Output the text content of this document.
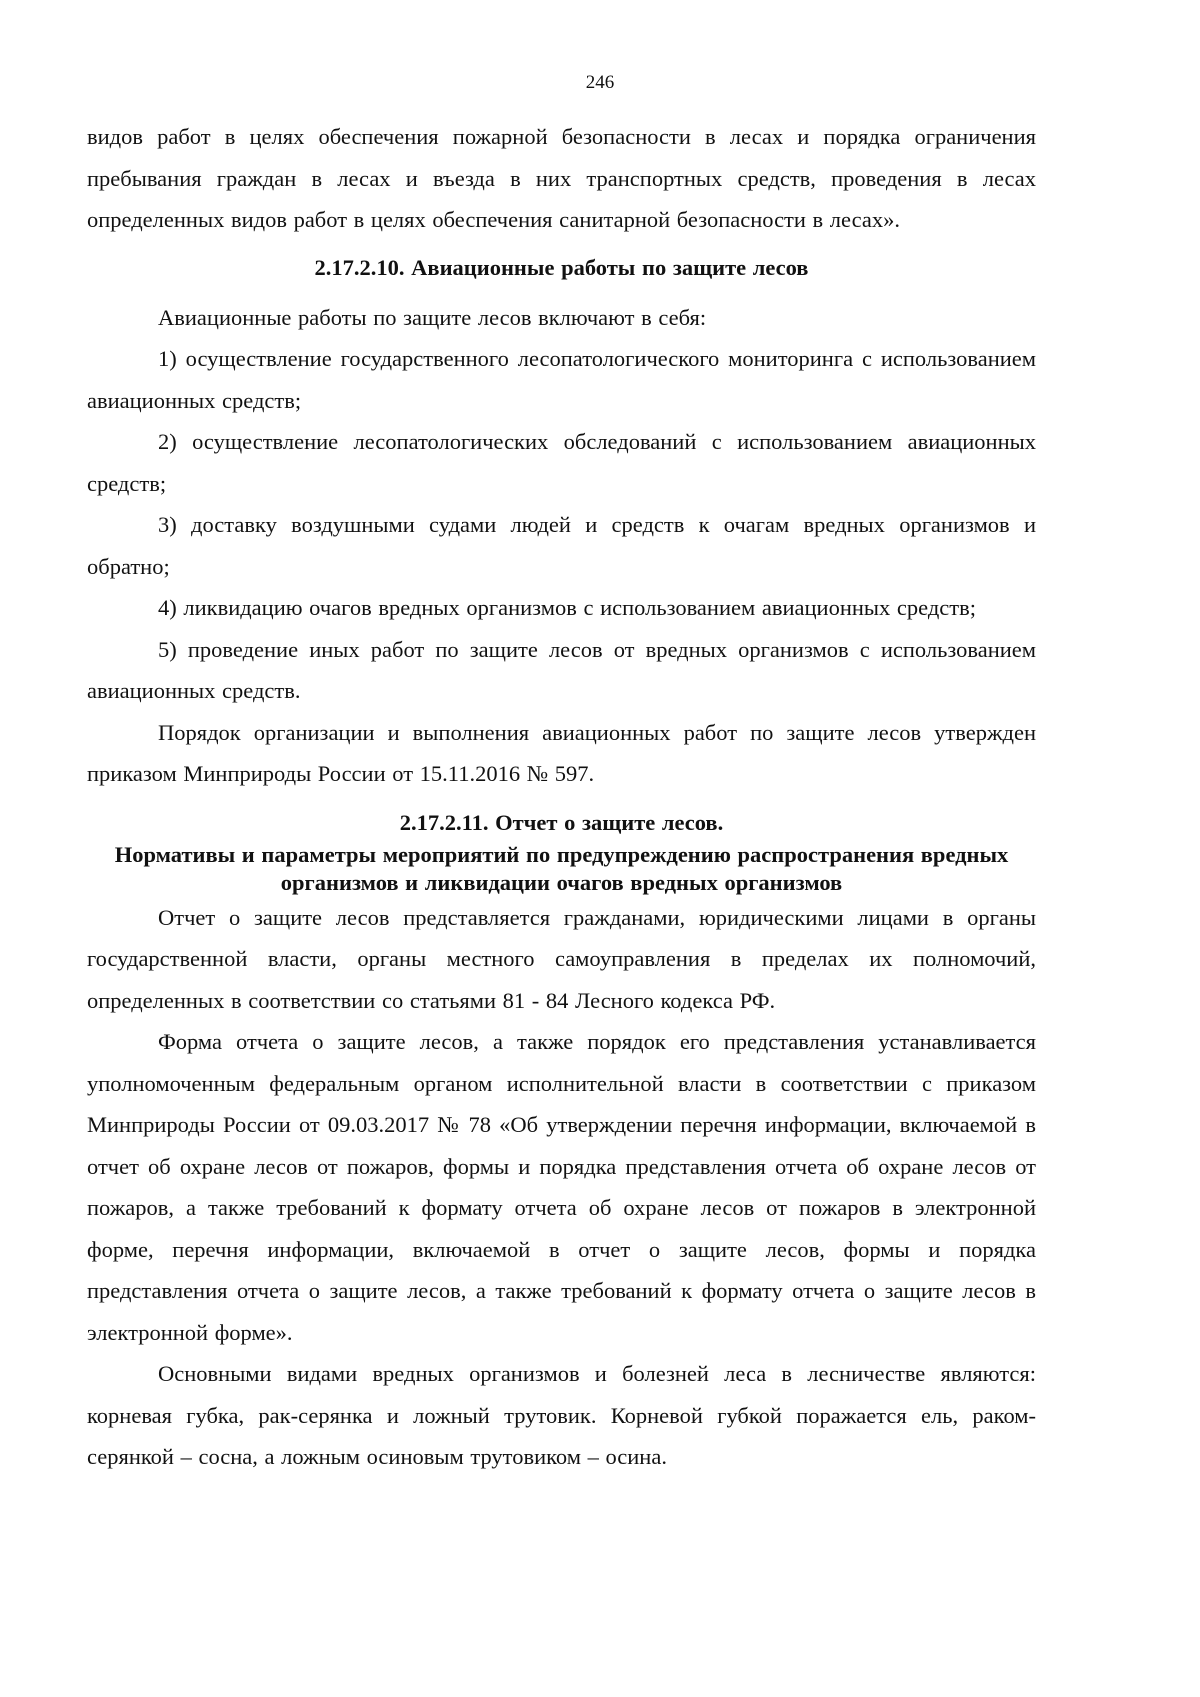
246

видов работ в целях обеспечения пожарной безопасности в лесах и порядка ограничения пребывания граждан в лесах и въезда в них транспортных средств, проведения в лесах определенных видов работ в целях обеспечения санитарной безопасности в лесах».

2.17.2.10. Авиационные работы по защите лесов

Авиационные работы по защите лесов включают в себя:

1) осуществление государственного лесопатологического мониторинга с использованием авиационных средств;

2) осуществление лесопатологических обследований с использованием авиационных средств;

3) доставку воздушными судами людей и средств к очагам вредных организмов и обратно;

4) ликвидацию очагов вредных организмов с использованием авиационных средств;

5) проведение иных работ по защите лесов от вредных организмов с использованием авиационных средств.

Порядок организации и выполнения авиационных работ по защите лесов утвержден приказом Минприроды России от 15.11.2016 № 597.

2.17.2.11. Отчет о защите лесов.
Нормативы и параметры мероприятий по предупреждению распространения вредных организмов и ликвидации очагов вредных организмов

Отчет о защите лесов представляется гражданами, юридическими лицами в органы государственной власти, органы местного самоуправления в пределах их полномочий, определенных в соответствии со статьями 81 - 84 Лесного кодекса РФ.

Форма отчета о защите лесов, а также порядок его представления устанавливается уполномоченным федеральным органом исполнительной власти в соответствии с приказом Минприроды России от 09.03.2017 № 78 «Об утверждении перечня информации, включаемой в отчет об охране лесов от пожаров, формы и порядка представления отчета об охране лесов от пожаров, а также требований к формату отчета об охране лесов от пожаров в электронной форме, перечня информации, включаемой в отчет о защите лесов, формы и порядка представления отчета о защите лесов, а также требований к формату отчета о защите лесов в электронной форме».

Основными видами вредных организмов и болезней леса в лесничестве являются: корневая губка, рак-серянка и ложный трутовик. Корневой губкой поражается ель, раком-серянкой – сосна, а ложным осиновым трутовиком – осина.
